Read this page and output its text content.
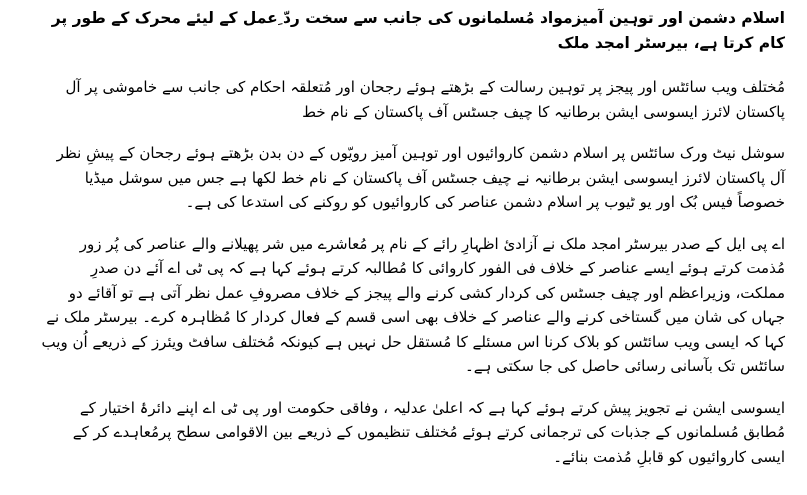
اسلام دشمن اور توہین آمیزمواد مُسلمانوں کی جانب سے سخت ردّ ِعمل کے لیئے محرک کے طور پر کام کرتا ہے، بیرسٹر امجد ملک

مُختلف ویب سائٹس اور پیجز پر توہین رسالت کے بڑھتے ہوئے رجحان اور مُتعلقہ احکام کی جانب سے خاموشی پر آل پاکستان لائرز ایسوسی ایشن برطانیہ کا چیف جسٹس آف پاکستان کے نام خط

سوشل نیٹ ورک سائٹس پر اسلام دشمن کاروائیوں اور توہین آمیز رویّوں کے دن بدن بڑھتے ہوئے رجحان کے پیشِ نظر آل پاکستان لائرز ایسوسی ایشن برطانیہ نے چیف جسٹس آف پاکستان کے نام خط لکھا ہے جس میں سوشل میڈیا خصوصاً فیس بُک اور یو ٹیوب پر اسلام دشمن عناصر کی کاروائیوں کو روکنے کی استدعا کی ہے۔

اے پی ایل کے صدر بیرسٹر امجد ملک نے آزادیٔ اظہارِ رائے کے نام پر مُعاشرے میں شر پھیلانے والے عناصر کی پُر زور مُذمت کرتے ہوئے ایسے عناصر کے خلاف فی الفور کاروائی کا مُطالبہ کرتے ہوئے کہا ہے کہ پی ٹی اے آئے دن صدرِ مملکت، وزیراعظم اور چیف جسٹس کی کردار کشی کرنے والے پیجز کے خلاف مصروفِ عمل نظر آتی ہے تو آقائے دو جہاں کی شان میں گستاخی کرنے والے عناصر کے خلاف بھی اسی قسم کے فعال کردار کا مُظاہرہ کرے۔ بیرسٹر ملک نے کہا کہ ایسی ویب سائٹس کو بلاک کرنا اس مسئلے کا مُستقل حل نہیں ہے کیونکہ مُختلف سافٹ ویئرز کے ذریعے اُن ویب سائٹس تک بآسانی رسائی حاصل کی جا سکتی ہے۔

ایسوسی ایشن نے تجویز پیش کرتے ہوئے کہا ہے کہ اعلیٰ عدلیہ ، وفاقی حکومت اور پی ٹی اے اپنے دائرۂ اختیار کے مُطابق مُسلمانوں کے جذبات کی ترجمانی کرتے ہوئے مُختلف تنظیموں کے ذریعے بین الاقوامی سطح پرمُعاہدے کر کے ایسی کاروائیوں کو قابلِ مُذمت بنائے۔
